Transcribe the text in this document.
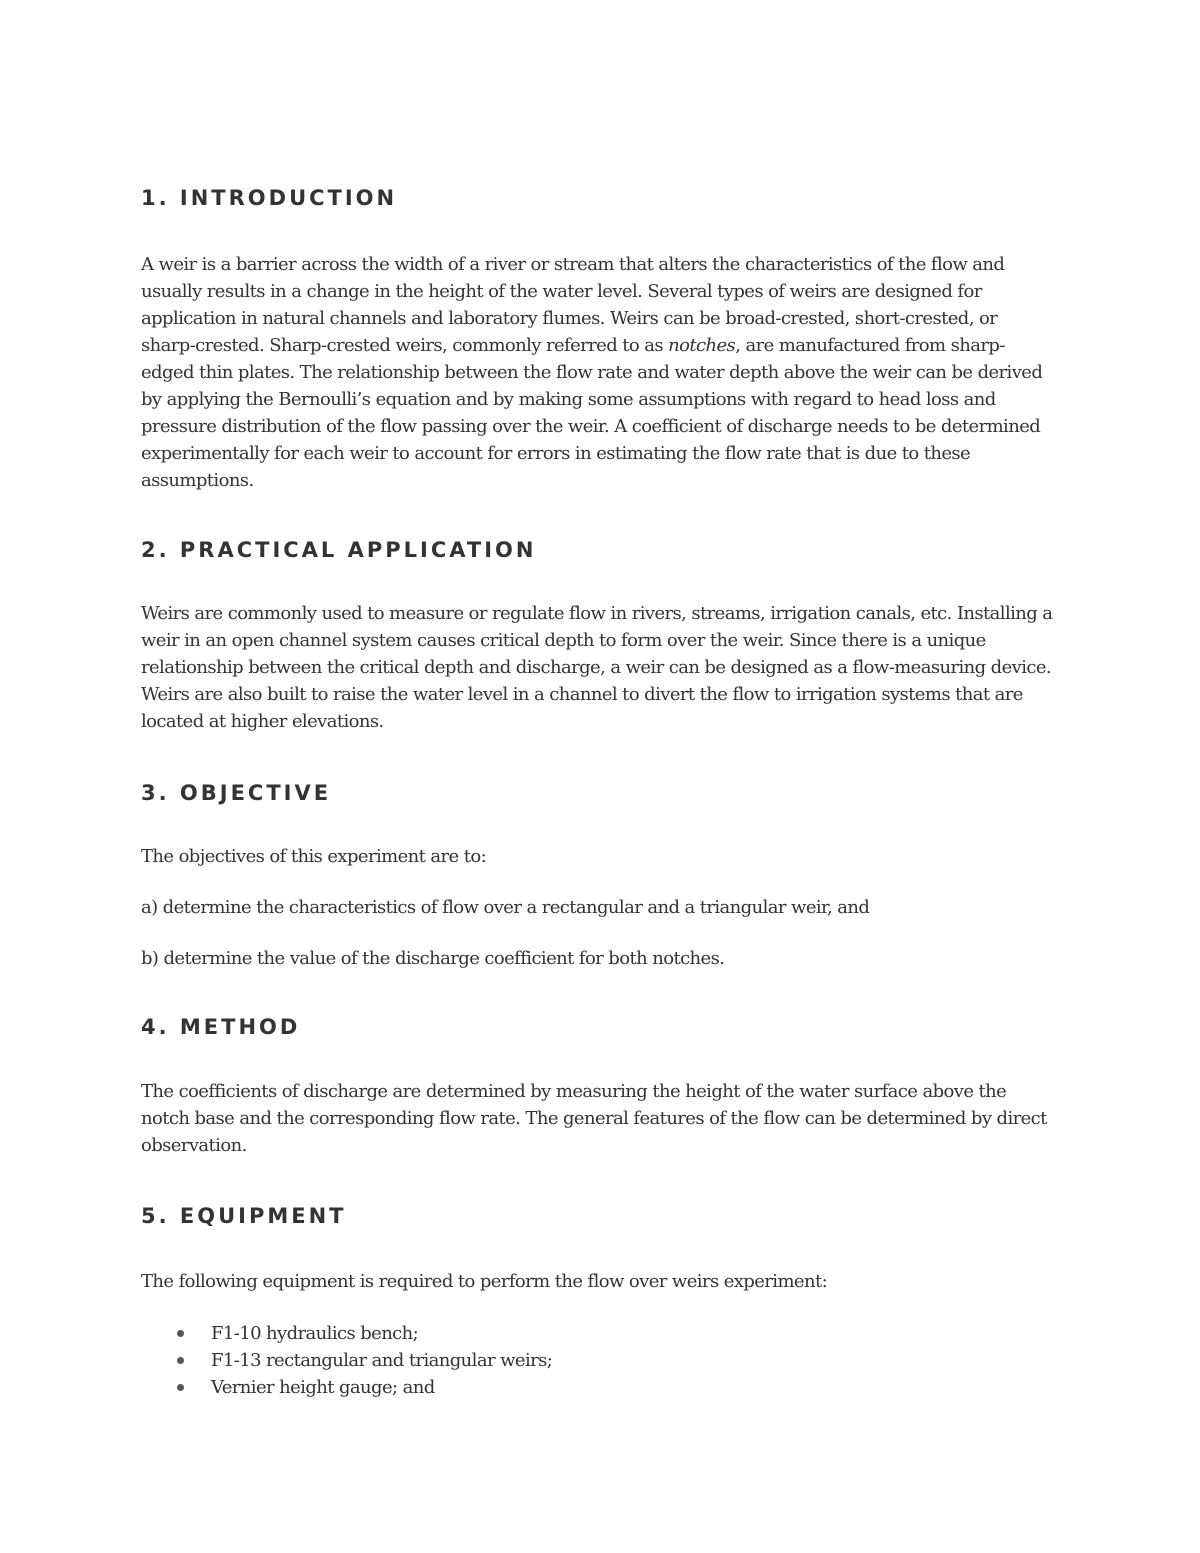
1. INTRODUCTION

A weir is a barrier across the width of a river or stream that alters the characteristics of the flow and usually results in a change in the height of the water level. Several types of weirs are designed for application in natural channels and laboratory flumes. Weirs can be broad-crested, short-crested, or sharp-crested. Sharp-crested weirs, commonly referred to as notches, are manufactured from sharp-edged thin plates. The relationship between the flow rate and water depth above the weir can be derived by applying the Bernoulli’s equation and by making some assumptions with regard to head loss and pressure distribution of the flow passing over the weir. A coefficient of discharge needs to be determined experimentally for each weir to account for errors in estimating the flow rate that is due to these assumptions.

2. PRACTICAL APPLICATION

Weirs are commonly used to measure or regulate flow in rivers, streams, irrigation canals, etc. Installing a weir in an open channel system causes critical depth to form over the weir. Since there is a unique relationship between the critical depth and discharge, a weir can be designed as a flow-measuring device. Weirs are also built to raise the water level in a channel to divert the flow to irrigation systems that are located at higher elevations.

3. OBJECTIVE

The objectives of this experiment are to:

a) determine the characteristics of flow over a rectangular and a triangular weir, and

b) determine the value of the discharge coefficient for both notches.

4. METHOD

The coefficients of discharge are determined by measuring the height of the water surface above the notch base and the corresponding flow rate. The general features of the flow can be determined by direct observation.

5. EQUIPMENT

The following equipment is required to perform the flow over weirs experiment:

F1-10 hydraulics bench;
F1-13 rectangular and triangular weirs;
Vernier height gauge; and
